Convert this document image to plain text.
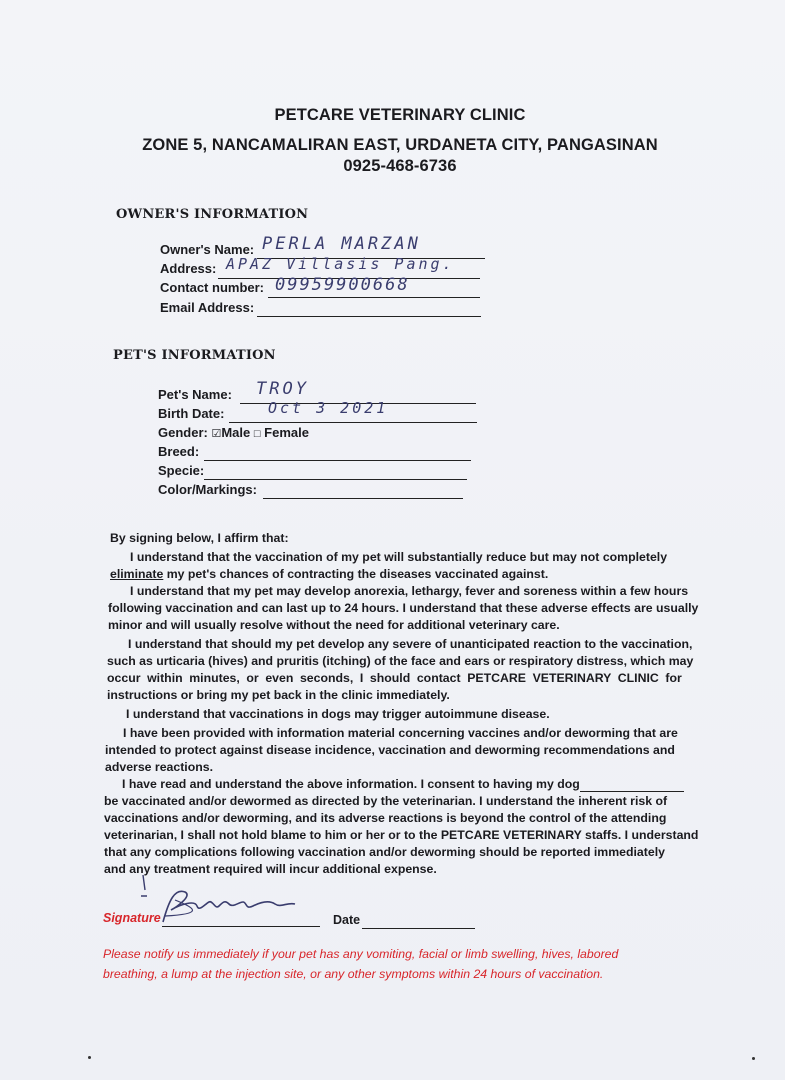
PETCARE VETERINARY CLINIC
ZONE 5, NANCAMALIRAN EAST, URDANETA CITY, PANGASINAN
0925-468-6736
OWNER'S INFORMATION
Owner's Name: PERLA MARZAN
Address: APAZ Villasis Pang.
Contact number: 09959900668
Email Address:
PET'S INFORMATION
Pet's Name: TROY
Birth Date:	Oct 3 2021
Gender: ☑Male □ Female
Breed:
Specie:
Color/Markings:
By signing below, I affirm that:
I understand that the vaccination of my pet will substantially reduce but may not completely
eliminate my pet's chances of contracting the diseases vaccinated against.
I understand that my pet may develop anorexia, lethargy, fever and soreness within a few hours
following vaccination and can last up to 24 hours. I understand that these adverse effects are usually
minor and will usually resolve without the need for additional veterinary care.
I understand that should my pet develop any severe of unanticipated reaction to the vaccination,
such as urticaria (hives) and pruritis (itching) of the face and ears or respiratory distress, which may
occur within minutes, or even seconds, I should contact PETCARE VETERINARY CLINIC for
instructions or bring my pet back in the clinic immediately.
I understand that vaccinations in dogs may trigger autoimmune disease.
I have been provided with information material concerning vaccines and/or deworming that are
intended to protect against disease incidence, vaccination and deworming recommendations and
adverse reactions.
I have read and understand the above information. I consent to having my dog
be vaccinated and/or dewormed as directed by the veterinarian. I understand the inherent risk of
vaccinations and/or deworming, and its adverse reactions is beyond the control of the attending
veterinarian, I shall not hold blame to him or her or to the PETCARE VETERINARY staffs. I understand
that any complications following vaccination and/or deworming should be reported immediately
and any treatment required will incur additional expense.
Signature	Date
Please notify us immediately if your pet has any vomiting, facial or limb swelling, hives, labored
breathing, a lump at the injection site, or any other symptoms within 24 hours of vaccination.
